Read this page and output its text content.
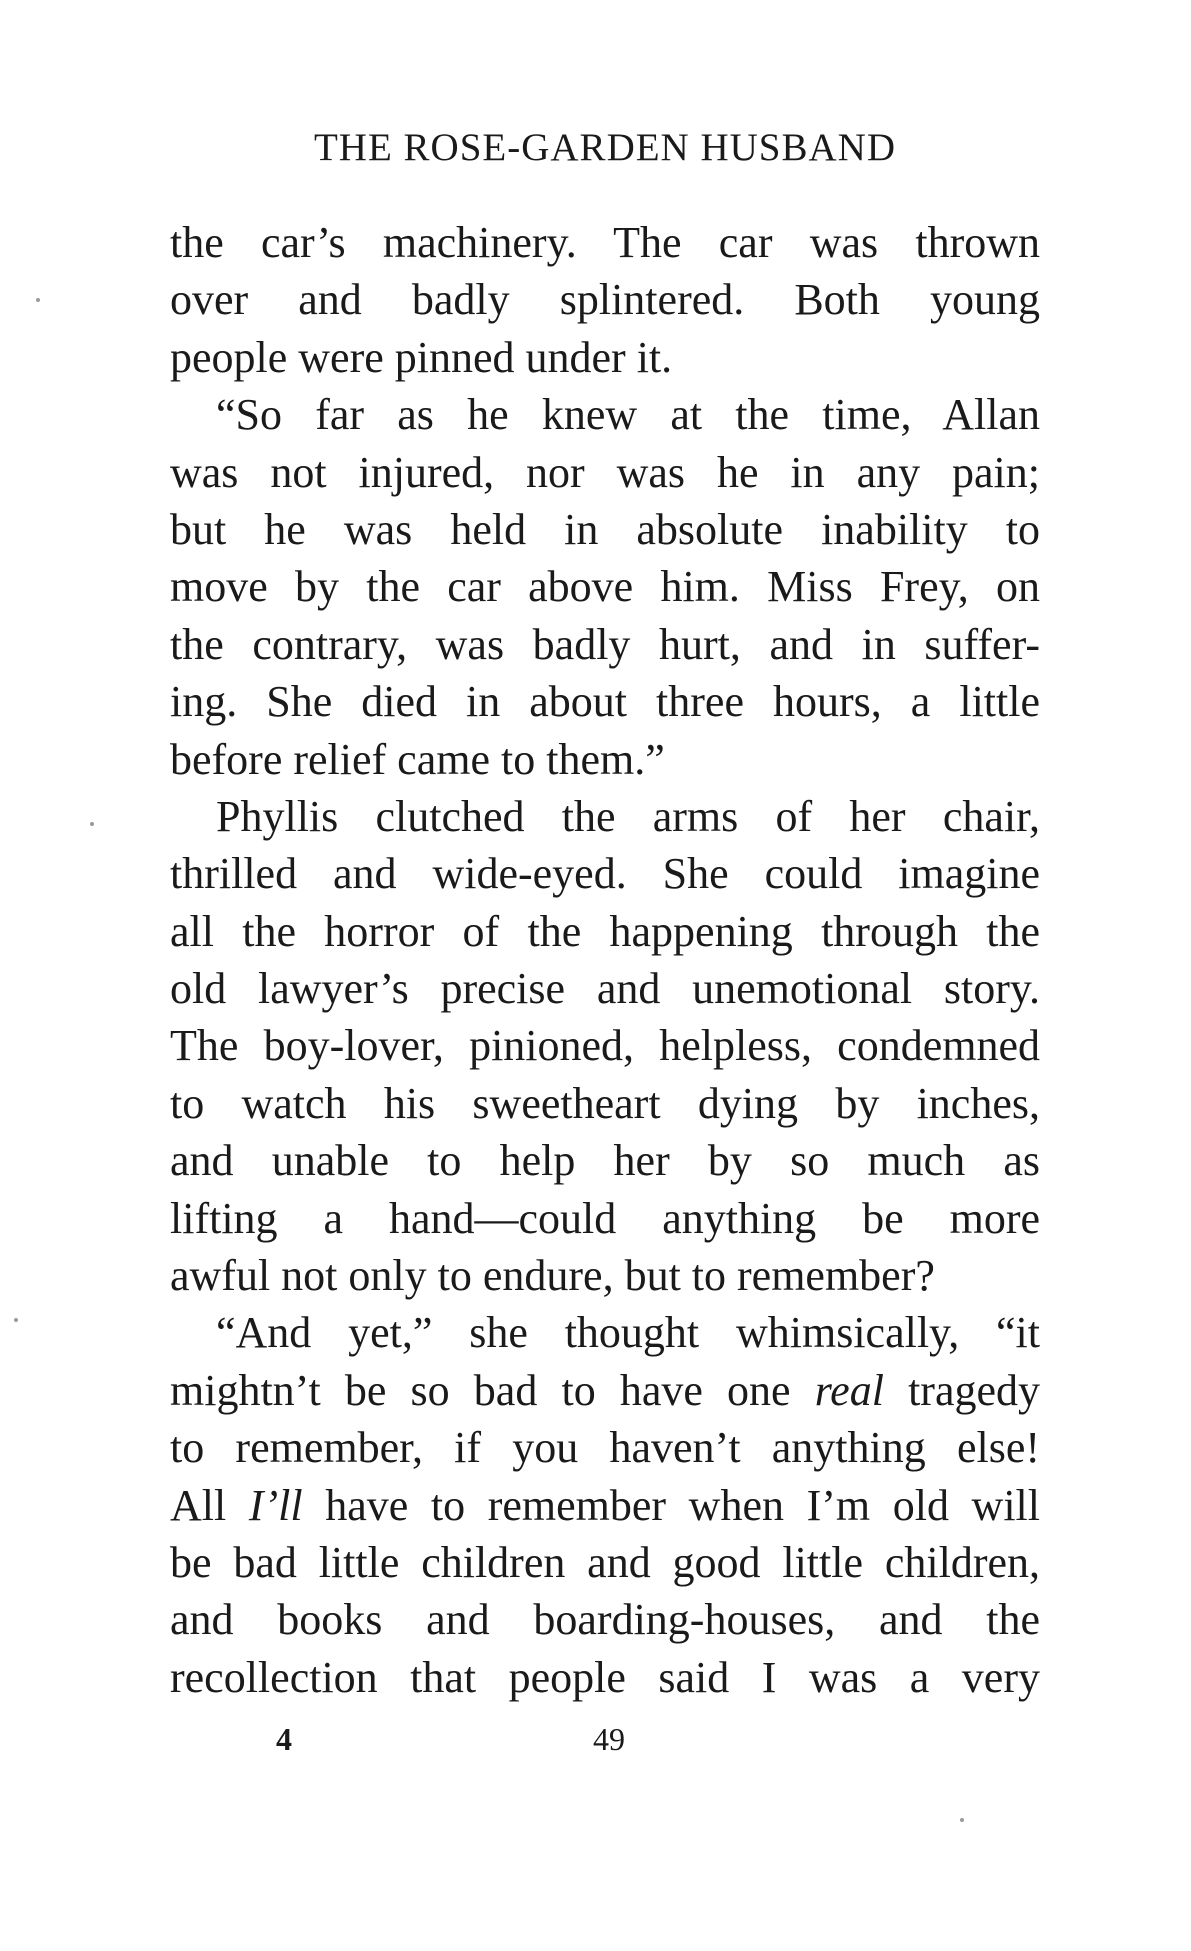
THE ROSE-GARDEN HUSBAND
the car’s machinery. The car was thrown
over and badly splintered. Both young
people were pinned under it.
“So far as he knew at the time, Allan
was not injured, nor was he in any pain;
but he was held in absolute inability to
move by the car above him. Miss Frey, on
the contrary, was badly hurt, and in suffer-
ing. She died in about three hours, a little
before relief came to them.”
Phyllis clutched the arms of her chair,
thrilled and wide-eyed. She could imagine
all the horror of the happening through the
old lawyer’s precise and unemotional story.
The boy-lover, pinioned, helpless, condemned
to watch his sweetheart dying by inches,
and unable to help her by so much as
lifting a hand—could anything be more
awful not only to endure, but to remember?
“And yet,” she thought whimsically, “it
mightn’t be so bad to have one real tragedy
to remember, if you haven’t anything else!
All I’ll have to remember when I’m old will
be bad little children and good little children,
and books and boarding-houses, and the
recollection that people said I was a very
4	49
